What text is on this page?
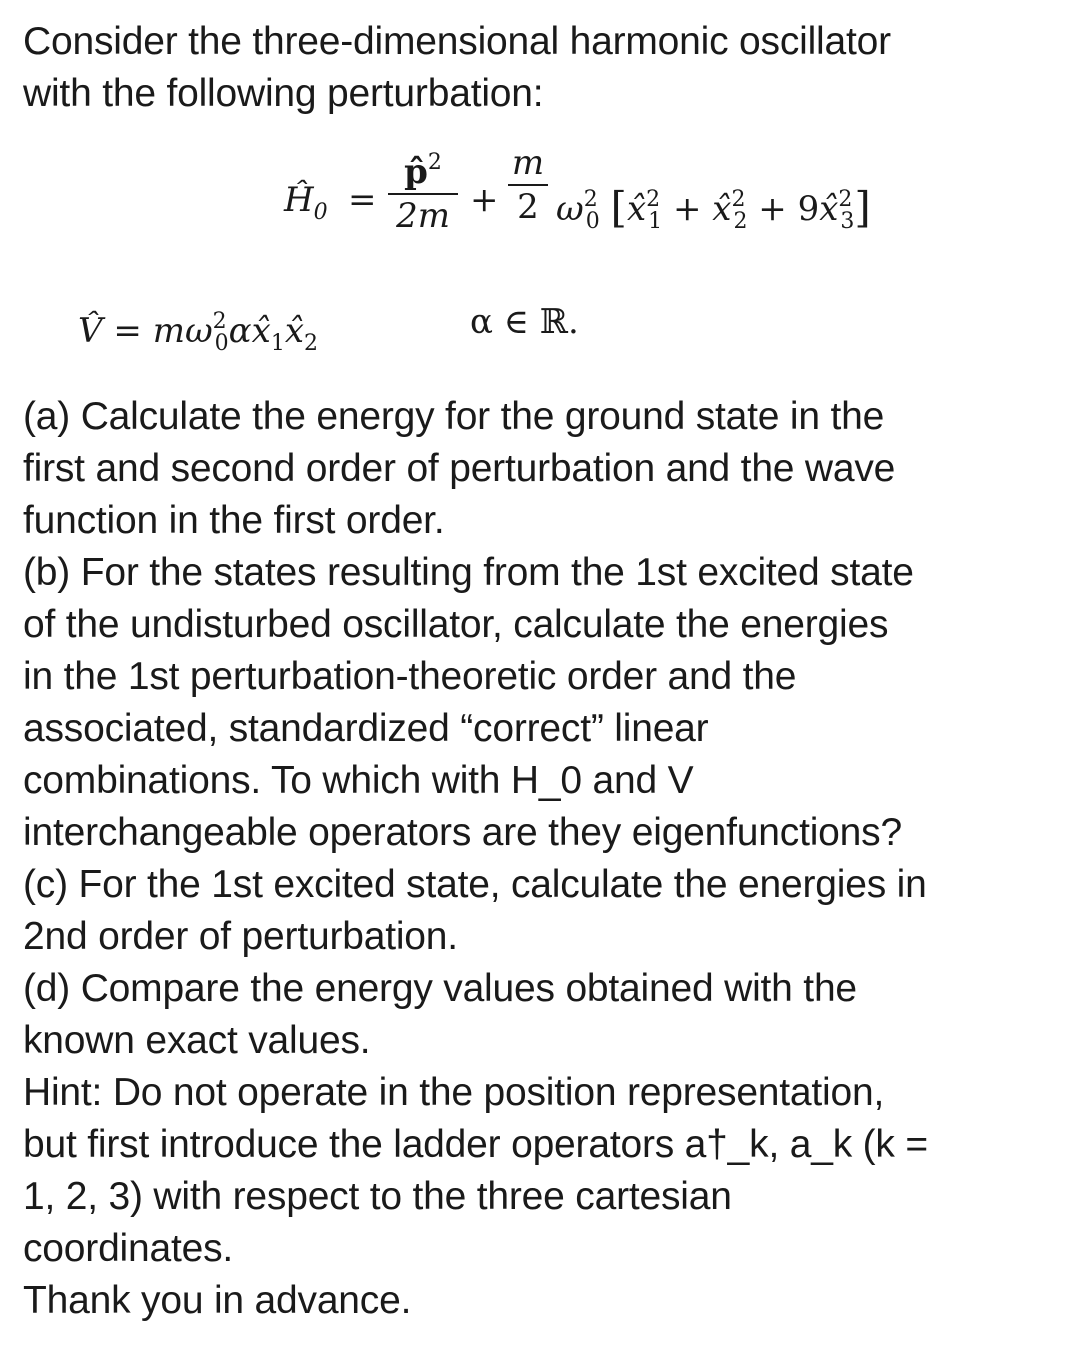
Consider the three-dimensional harmonic oscillator
with the following perturbation:

$Ĥ_0$ =
p̂$^2$
2m +
m
2 $\omega^2_0$ [x̂$^2_1$ + x̂$^2_2$ + 9x̂$^2_3$]
V̂ = $m\omega^2_0\alpha x̂_1x̂_2$
α ∈ ℝ.

(a) Calculate the energy for the ground state in the
first and second order of perturbation and the wave
function in the first order.
(b) For the states resulting from the 1st excited state
of the undisturbed oscillator, calculate the energies
in the 1st perturbation-theoretic order and the
associated, standardized “correct” linear
combinations. To which with H_0 and V
interchangeable operators are they eigenfunctions?
(c) For the 1st excited state, calculate the energies in
2nd order of perturbation.
(d) Compare the energy values obtained with the
known exact values.
Hint: Do not operate in the position representation,
but first introduce the ladder operators a†_k, a_k (k =
1, 2, 3) with respect to the three cartesian
coordinates.
Thank you in advance.
